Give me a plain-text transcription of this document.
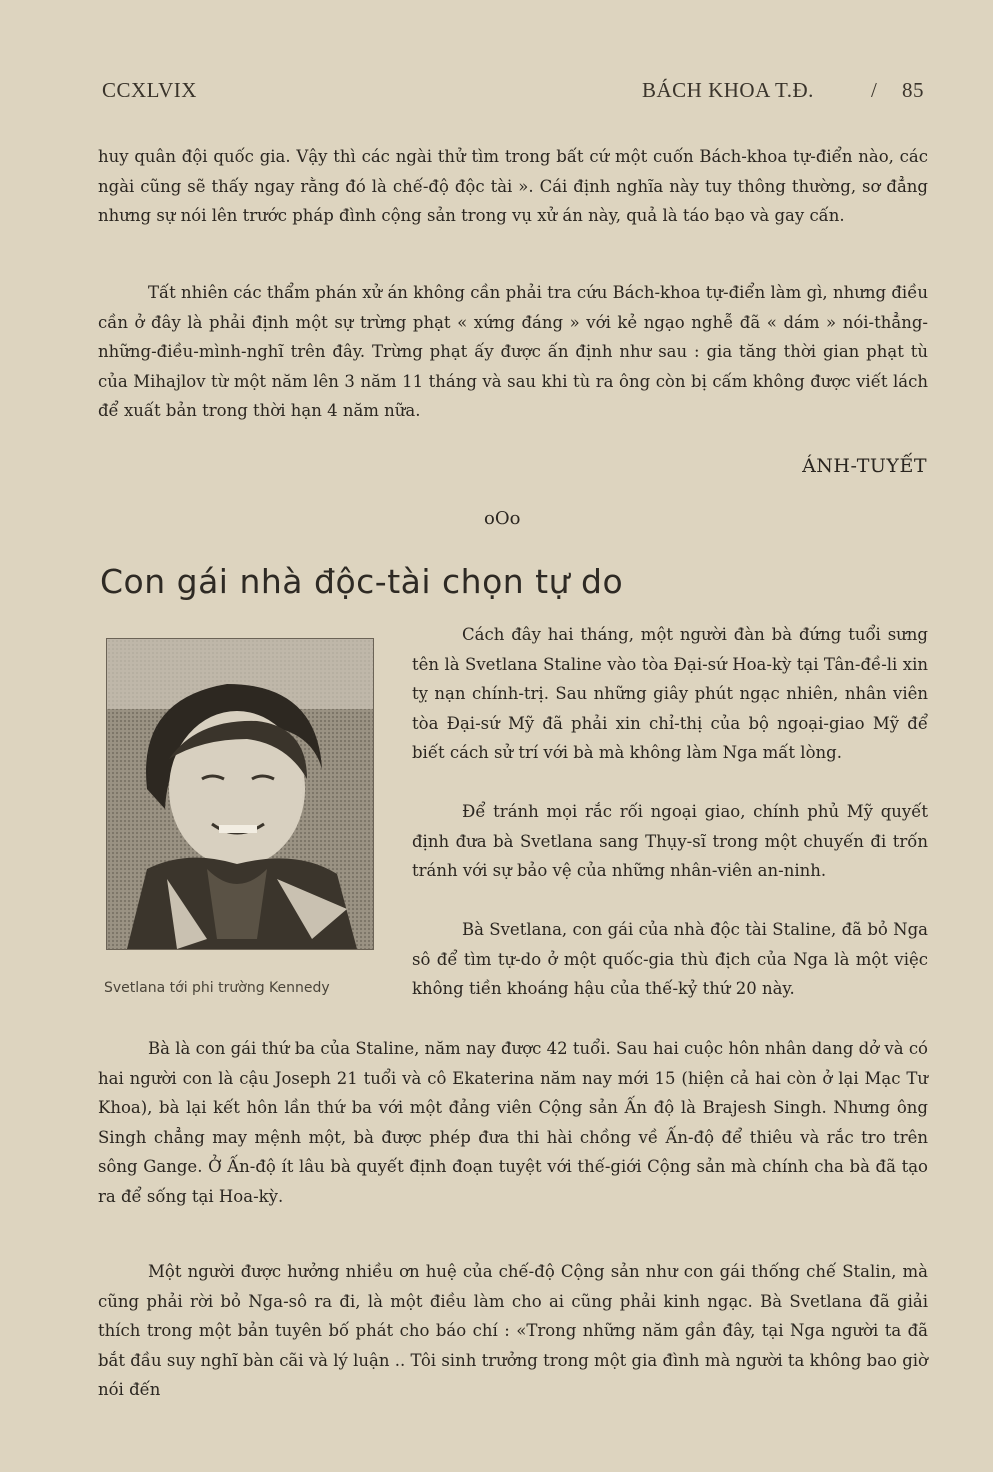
CCXLVIX	BÁCH KHOA T.Đ.	/ 85
huy quân đội quốc gia. Vậy thì các ngài thử tìm trong bất cứ một cuốn Bách-khoa tự-điển nào, các ngài cũng sẽ thấy ngay rằng đó là chế-độ độc tài ». Cái định nghĩa này tuy thông thường, sơ đẳng nhưng sự nói lên trước pháp đình cộng sản trong vụ xử án này, quả là táo bạo và gay cấn.
Tất nhiên các thẩm phán xử án không cần phải tra cứu Bách-khoa tự-điển làm gì, nhưng điều cần ở đây là phải định một sự trừng phạt « xứng đáng » với kẻ ngạo nghễ đã « dám » nói-thẳng-những-điều-mình-nghĩ trên đây. Trừng phạt ấy được ấn định như sau : gia tăng thời gian phạt tù của Mihajlov từ một năm lên 3 năm 11 tháng và sau khi tù ra ông còn bị cấm không được viết lách để xuất bản trong thời hạn 4 năm nữa.
ÁNH-TUYẾT
oOo
Con gái nhà độc-tài chọn tự do
Svetlana tới phi trường Kennedy
Cách đây hai tháng, một người đàn bà đứng tuổi sưng tên là Svetlana Staline vào tòa Đại-sứ Hoa-kỳ tại Tân-đề-li xin tỵ nạn chính-trị. Sau những giây phút ngạc nhiên, nhân viên tòa Đại-sứ Mỹ đã phải xin chỉ-thị của bộ ngoại-giao Mỹ để biết cách sử trí với bà mà không làm Nga mất lòng.
Để tránh mọi rắc rối ngoại giao, chính phủ Mỹ quyết định đưa bà Svetlana sang Thụy-sĩ trong một chuyến đi trốn tránh với sự bảo vệ của những nhân-viên an-ninh.
Bà Svetlana, con gái của nhà độc tài Staline, đã bỏ Nga sô để tìm tự-do ở một quốc-gia thù địch của Nga là một việc không tiền khoáng hậu của thế-kỷ thứ 20 này.
Bà là con gái thứ ba của Staline, năm nay được 42 tuổi. Sau hai cuộc hôn nhân dang dở và có hai người con là cậu Joseph 21 tuổi và cô Ekaterina năm nay mới 15 (hiện cả hai còn ở lại Mạc Tư Khoa), bà lại kết hôn lần thứ ba với một đảng viên Cộng sản Ấn độ là Brajesh Singh. Nhưng ông Singh chẳng may mệnh một, bà được phép đưa thi hài chồng về Ấn-độ để thiêu và rắc tro trên sông Gange. Ở Ấn-độ ít lâu bà quyết định đoạn tuyệt với thế-giới Cộng sản mà chính cha bà đã tạo ra để sống tại Hoa-kỳ.
Một người được hưởng nhiều ơn huệ của chế-độ Cộng sản như con gái thống chế Stalin, mà cũng phải rời bỏ Nga-sô ra đi, là một điều làm cho ai cũng phải kinh ngạc. Bà Svetlana đã giải thích trong một bản tuyên bố phát cho báo chí : «Trong những năm gần đây, tại Nga người ta đã bắt đầu suy nghĩ bàn cãi và lý luận .. Tôi sinh trưởng trong một gia đình mà người ta không bao giờ nói đến
